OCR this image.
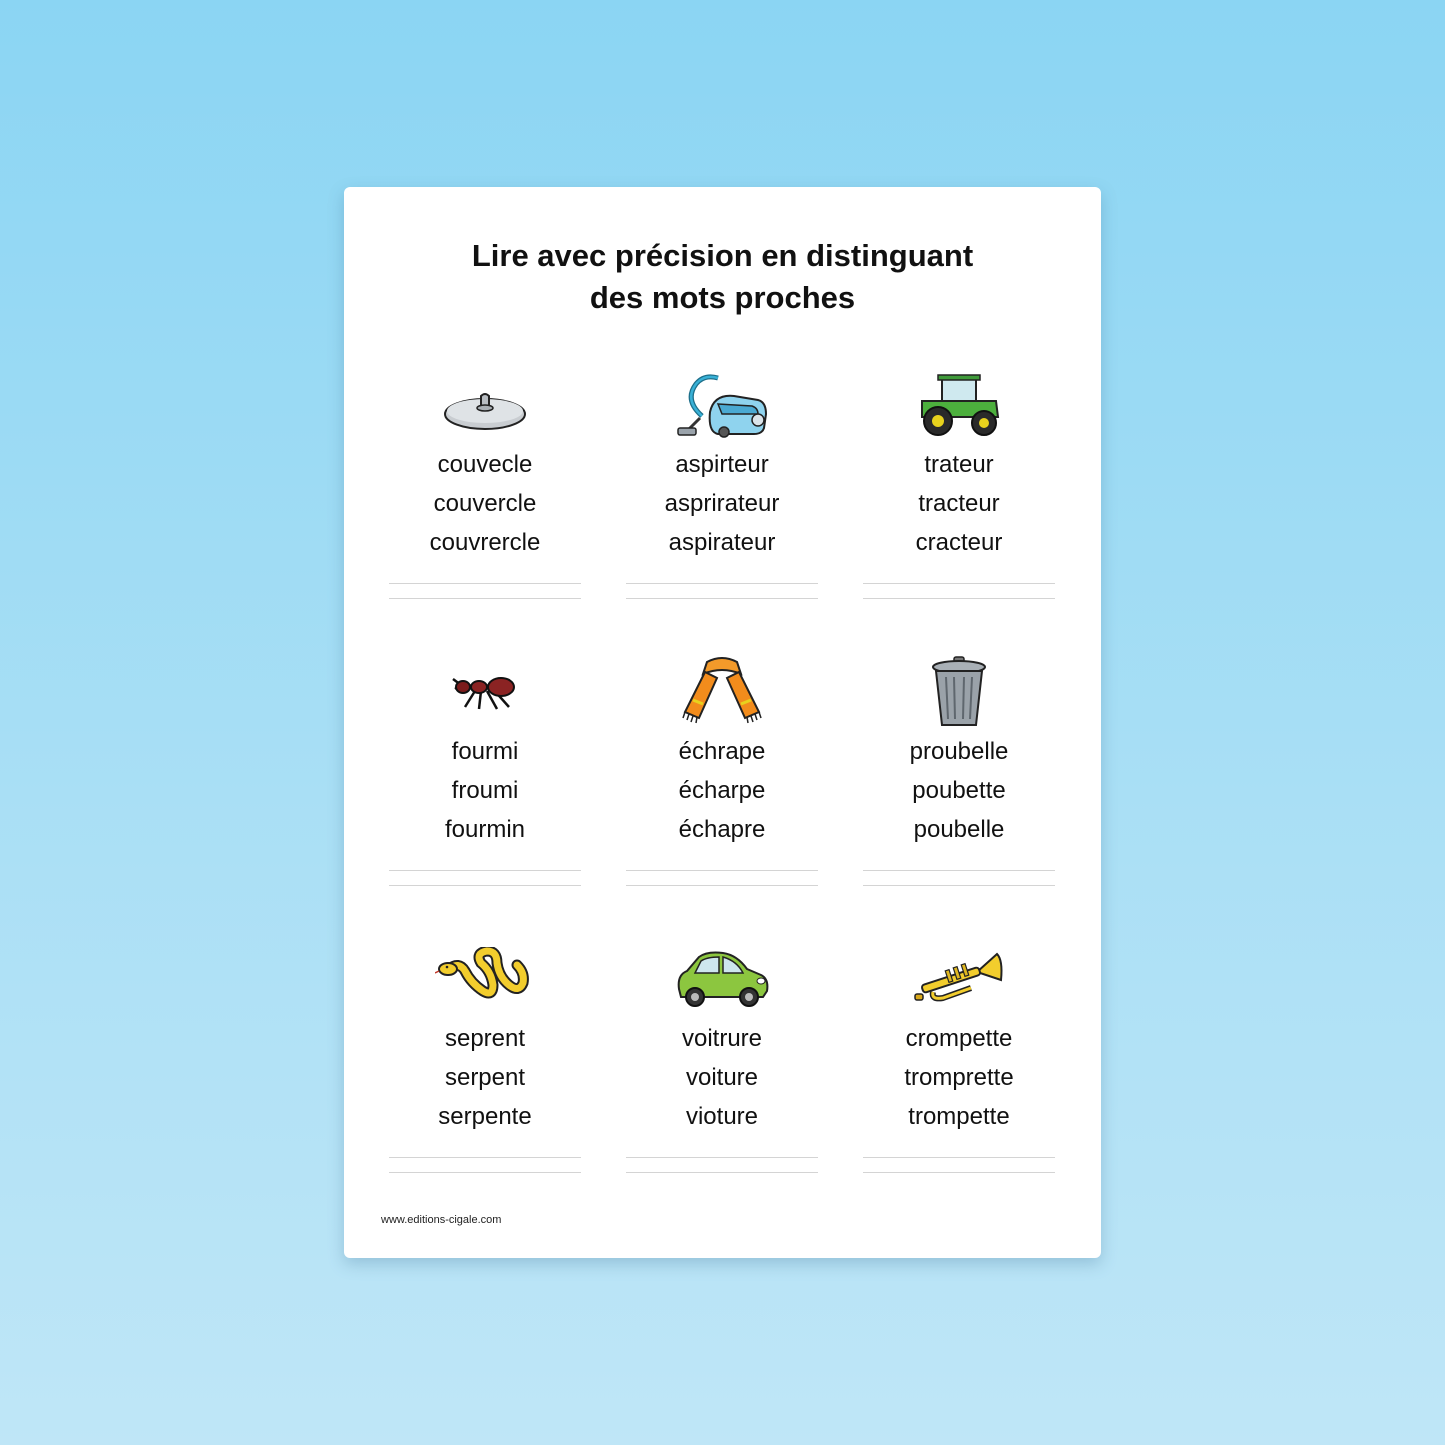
Lire avec précision en distinguant
des mots proches
couvecle
couvercle
couvrercle
aspirteur
asprirateur
aspirateur
trateur
tracteur
cracteur
fourmi
froumi
fourmin
échrape
écharpe
échapre
proubelle
poubette
poubelle
seprent
serpent
serpente
voitrure
voiture
vioture
crompette
tromprette
trompette
www.editions-cigale.com
